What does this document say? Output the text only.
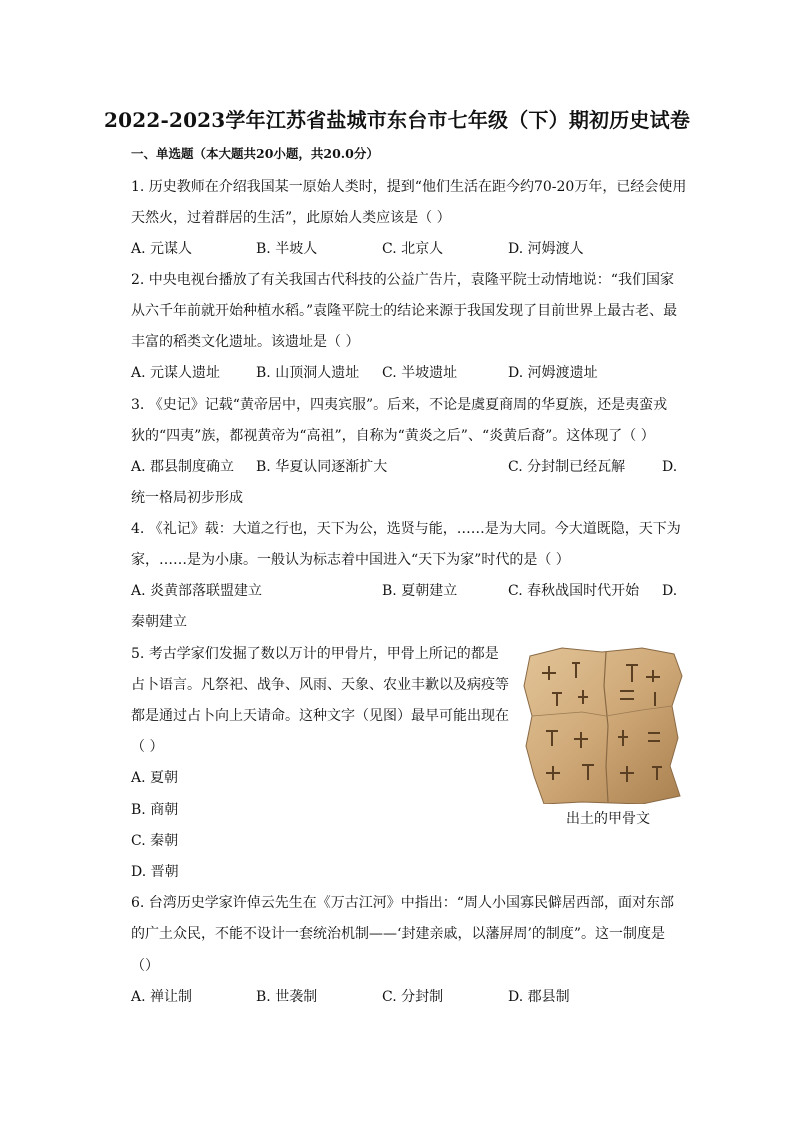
2022-2023学年江苏省盐城市东台市七年级（下）期初历史试卷
一、单选题（本大题共20小题，共20.0分）
1. 历史教师在介绍我国某一原始人类时，提到“他们生活在距今约70-20万年，已经会使用
天然火，过着群居的生活”，此原始人类应该是（ ）
A. 元谋人	B. 半坡人	C. 北京人	D. 河姆渡人
2. 中央电视台播放了有关我国古代科技的公益广告片，袁隆平院士动情地说：“我们国家
从六千年前就开始种植水稻。”袁隆平院士的结论来源于我国发现了目前世界上最古老、最
丰富的稻类文化遗址。该遗址是（ ）
A. 元谋人遗址	B. 山顶洞人遗址 C. 半坡遗址	D. 河姆渡遗址
3. 《史记》记载“黄帝居中，四夷宾服”。后来，不论是虞夏商周的华夏族，还是夷蛮戎
狄的“四夷”族，都视黄帝为“高祖”，自称为“黄炎之后”、“炎黄后裔”。这体现了（ ）
A. 郡县制度确立 B. 华夏认同逐渐扩大	C. 分封制已经瓦解	D.
统一格局初步形成
4. 《礼记》载：大道之行也，天下为公，选贤与能，……是为大同。今大道既隐，天下为
家，……是为小康。一般认为标志着中国进入“天下为家”时代的是（ ）
A. 炎黄部落联盟建立	B. 夏朝建立	C. 春秋战国时代开始 D.
秦朝建立
5. 考古学家们发掘了数以万计的甲骨片，甲骨上所记的都是
占卜语言。凡祭祀、战争、风雨、天象、农业丰歉以及病疫等
都是通过占卜向上天请命。这种文字（见图）最早可能出现在
（ ）
A. 夏朝
B. 商朝
C. 秦朝
D. 晋朝
出土的甲骨文
6. 台湾历史学家许倬云先生在《万古江河》中指出：“周人小国寡民僻居西部，面对东部
的广土众民，不能不设计一套统治机制——‘封建亲戚，以藩屏周’的制度”。这一制度是
（）
A. 禅让制	B. 世袭制	C. 分封制	D. 郡县制
